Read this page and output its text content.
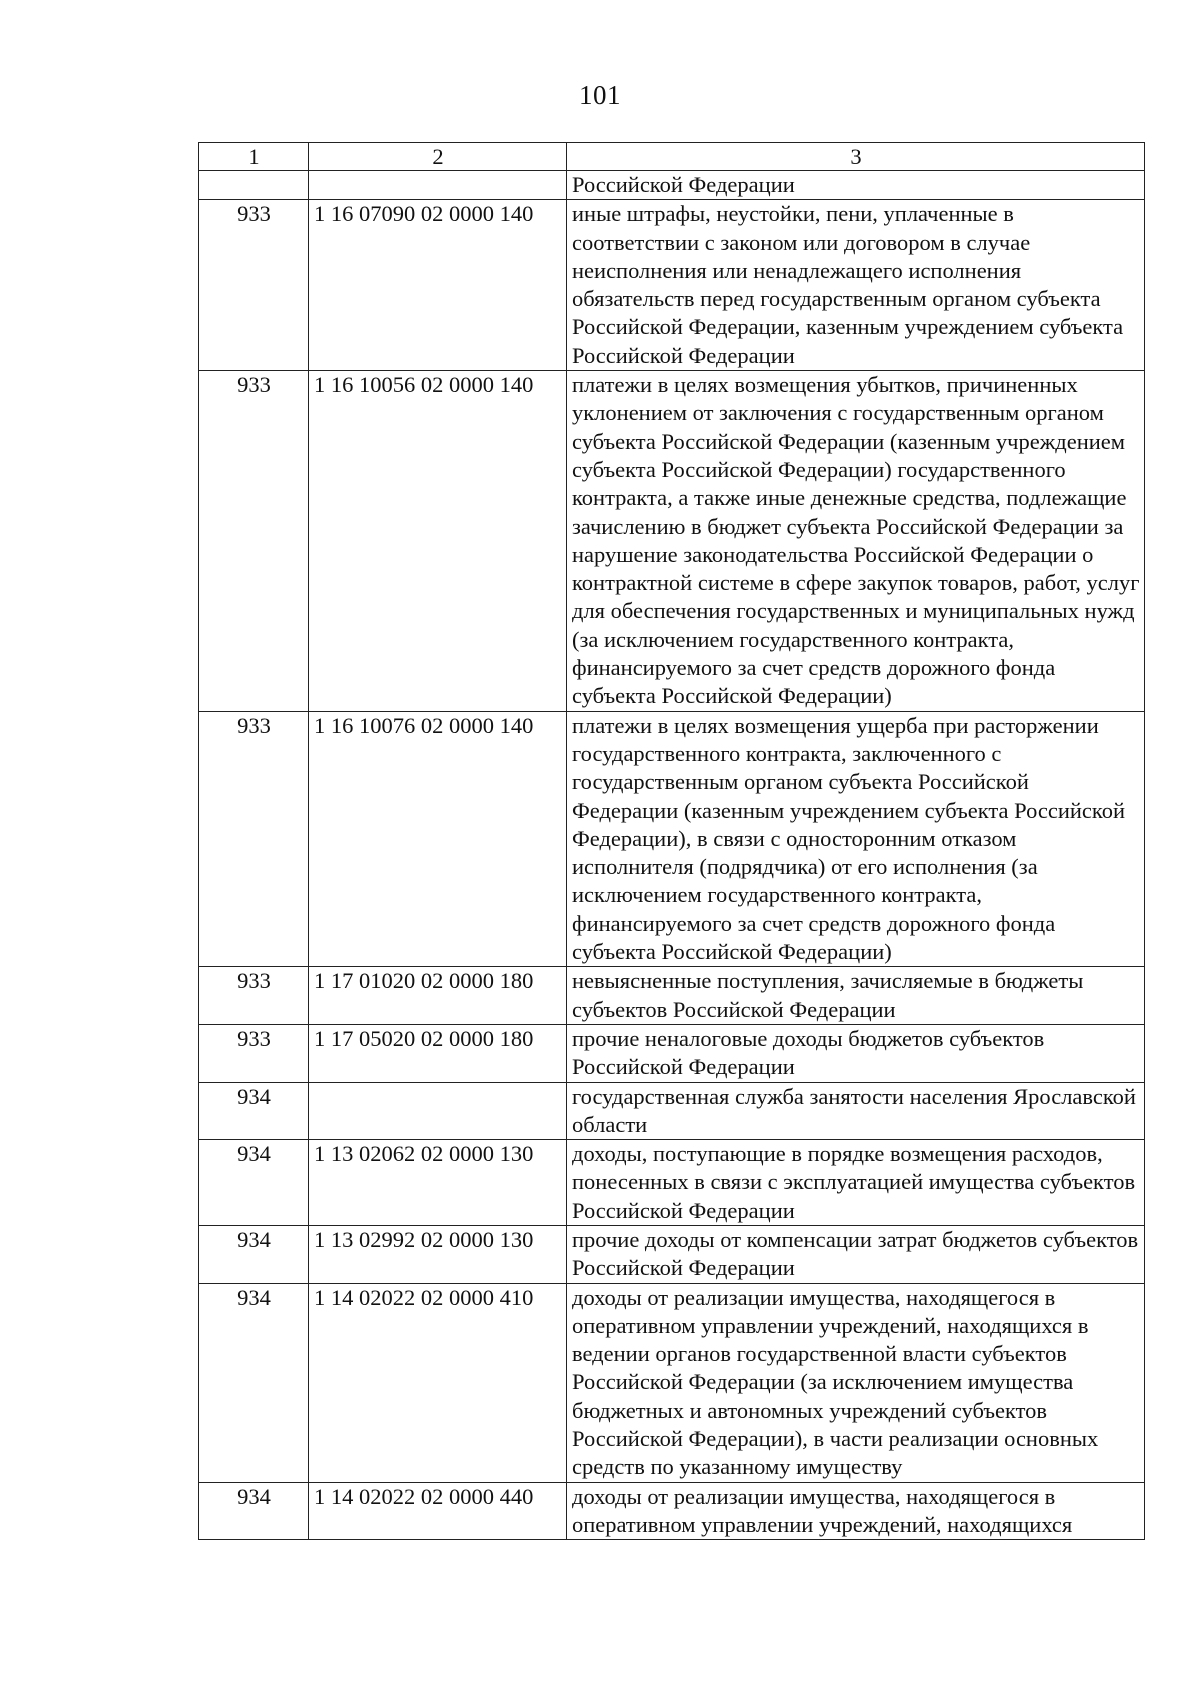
101
1	2	3
		Российской Федерации
933	1 16 07090 02 0000 140	иные штрафы, неустойки, пени, уплаченные в соответствии с законом или договором в случае неисполнения или ненадлежащего исполнения обязательств перед государственным органом субъекта Российской Федерации, казенным учреждением субъекта Российской Федерации
933	1 16 10056 02 0000 140	платежи в целях возмещения убытков, причиненных уклонением от заключения с государственным органом субъекта Российской Федерации (казенным учреждением субъекта Российской Федерации) государственного контракта, а также иные денежные средства, подлежащие зачислению в бюджет субъекта Российской Федерации за нарушение законодательства Российской Федерации о контрактной системе в сфере закупок товаров, работ, услуг для обеспечения государственных и муниципальных нужд (за исключением государственного контракта, финансируемого за счет средств дорожного фонда субъекта Российской Федерации)
933	1 16 10076 02 0000 140	платежи в целях возмещения ущерба при расторжении государственного контракта, заключенного с государственным органом субъекта Российской Федерации (казенным учреждением субъекта Российской Федерации), в связи с односторонним отказом исполнителя (подрядчика) от его исполнения (за исключением государственного контракта, финансируемого за счет средств дорожного фонда субъекта Российской Федерации)
933	1 17 01020 02 0000 180	невыясненные поступления, зачисляемые в бюджеты субъектов Российской Федерации
933	1 17 05020 02 0000 180	прочие неналоговые доходы бюджетов субъектов Российской Федерации
934		государственная служба занятости населения Ярославской области
934	1 13 02062 02 0000 130	доходы, поступающие в порядке возмещения расходов, понесенных в связи с эксплуатацией имущества субъектов Российской Федерации
934	1 13 02992 02 0000 130	прочие доходы от компенсации затрат бюджетов субъектов Российской Федерации
934	1 14 02022 02 0000 410	доходы от реализации имущества, находящегося в оперативном управлении учреждений, находящихся в ведении органов государственной власти субъектов Российской Федерации (за исключением имущества бюджетных и автономных учреждений субъектов Российской Федерации), в части реализации основных средств по указанному имуществу
934	1 14 02022 02 0000 440	доходы от реализации имущества, находящегося в оперативном управлении учреждений, находящихся
